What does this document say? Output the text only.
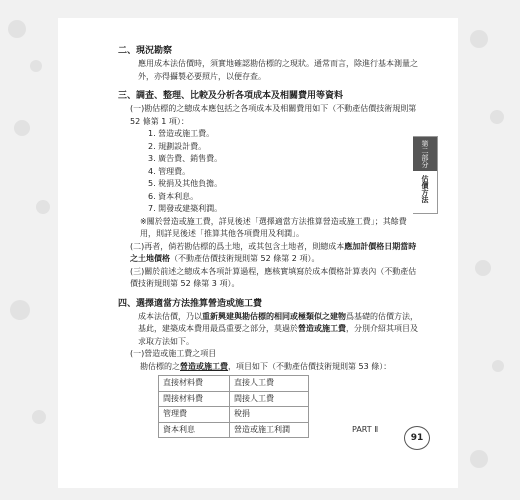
二、現況勘察

應用成本法估價時，須實地確認勘估標的之現狀。通常而言，除進行基本測量之外，亦得攝製必要照片，以便存查。

三、調查、整理、比較及分析各項成本及相關費用等資料

(一)勘估標的之總成本應包括之各項成本及相關費用如下（不動產估價技術規則第 52 條第 1 項）：

1. 營造或施工費。
2. 規劃設計費。
3. 廣告費、銷售費。
4. 管理費。
5. 稅捐及其他負擔。
6. 資本利息。
7. 開發或建築利潤。

※關於營造或施工費，詳見後述「選擇適當方法推算營造或施工費」；其餘費用，則詳見後述「推算其他各項費用及利潤」。

(二)再者，倘若勘估標的爲土地，或其包含土地者，則總成本應加計價格日期當時之土地價格（不動產估價技術規則第 52 條第 2 項）。

(三)關於前述之總成本各項計算過程，應核實填寫於成本價格計算表內（不動產估價技術規則第 52 條第 3 項）。

四、選擇適當方法推算營造或施工費

成本法估價，乃以重新興建與勘估標的相同或極類似之建物爲基礎的估價方法，基此，建築成本費用最爲重要之部分，莫過於營造或施工費，分別介紹其項目及求取方法如下。

(一)營造或施工費之項目

勘估標的之營造或施工費，項目如下（不動產估價技術規則第 53 條）：

直接材料費	直接人工費
間接材料費	間接人工費
管理費	稅捐
資本利息	營造或施工利潤
第二部分
估價方法
PART Ⅱ
91
